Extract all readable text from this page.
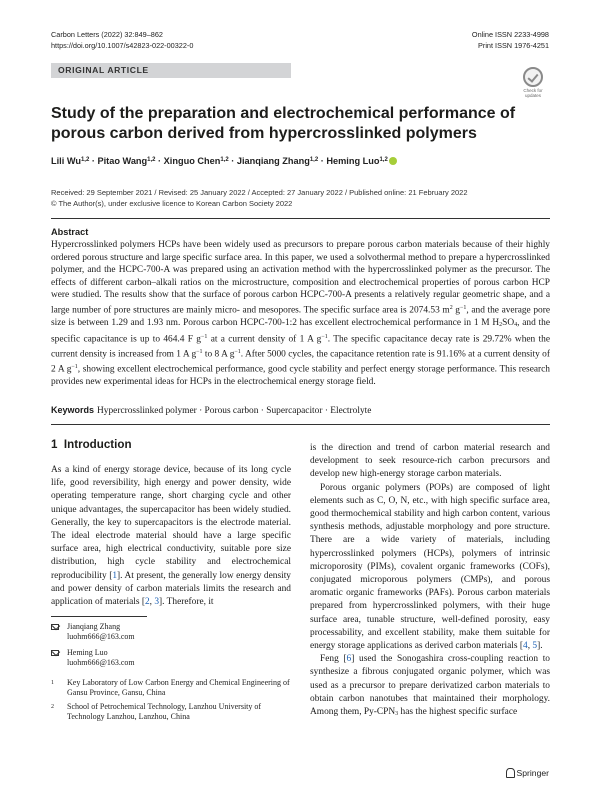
Carbon Letters (2022) 32:849–862
https://doi.org/10.1007/s42823-022-00322-0
Online ISSN 2233-4998
Print ISSN 1976-4251
ORIGINAL ARTICLE
Check for
updates
Study of the preparation and electrochemical performance of porous carbon derived from hypercrosslinked polymers
Lili Wu$^{1,2}$ · Pitao Wang$^{1,2}$ · Xinguo Chen$^{1,2}$ · Jianqiang Zhang$^{1,2}$ · Heming Luo$^{1,2}$
Received: 29 September 2021 / Revised: 25 January 2022 / Accepted: 27 January 2022 / Published online: 21 February 2022
© The Author(s), under exclusive licence to Korean Carbon Society 2022
Abstract
Hypercrosslinked polymers HCPs have been widely used as precursors to prepare porous carbon materials because of their highly ordered porous structure and large specific surface area. In this paper, we used a solvothermal method to prepare a hypercrosslinked polymer, and the HCPC-700-A was prepared using an activation method with the hypercrosslinked polymer as the precursor. The effects of different carbon–alkali ratios on the microstructure, composition and electrochemical properties of porous carbon HCP were studied. The results show that the surface of porous carbon HCPC-700-A presents a relatively regular geometric shape, and a large number of pore structures are mainly micro- and mesopores. The specific surface area is 2074.53 $m^2$ $g^{-1}$, and the average pore size is between 1.29 and 1.93 nm. Porous carbon HCPC-700-1:2 has excellent electrochemical performance in 1 M $H_2SO_4$, and the specific capacitance is up to 464.4 F $g^{-1}$ at a current density of 1 A $g^{-1}$. The specific capacitance decay rate is 29.72% when the current density is increased from 1 A $g^{-1}$ to 8 A $g^{-1}$. After 5000 cycles, the capacitance retention rate is 91.16% at a current density of 2 A $g^{-1}$, showing excellent electrochemical performance, good cycle stability and perfect energy storage performance. This research provides new experimental ideas for HCPs in the electrochemical energy storage field.
Keywords Hypercrosslinked polymer · Porous carbon · Supercapacitor · Electrolyte
1 Introduction

As a kind of energy storage device, because of its long cycle life, good reversibility, high energy and power density, wide operating temperature range, short charging cycle and other unique advantages, the supercapacitor has been widely studied. Generally, the key to supercapacitors is the electrode material. The ideal electrode material should have a large specific surface area, high electrical conductivity, suitable pore size distribution, high cycle stability and electrochemical reproducibility [1]. At present, the generally low energy density and power density of carbon materials limits the research and application of materials [2, 3]. Therefore, it

is the direction and trend of carbon material research and development to seek resource-rich carbon precursors and develop new high-energy storage carbon materials.

Porous organic polymers (POPs) are composed of light elements such as C, O, N, etc., with high specific surface area, good thermochemical stability and high carbon content, various synthesis methods, adjustable morphology and pore structure. There are a wide variety of materials, including hypercrosslinked polymers (HCPs), polymers of intrinsic microporosity (PIMs), covalent organic frameworks (COFs), conjugated microporous polymers (CMPs), and porous aromatic organic frameworks (PAFs). Porous carbon materials prepared from hypercrosslinked polymers, with their huge surface area, tunable structure, well-defined porosity, easy processability, and excellent stability, make them suitable for energy storage applications as derived carbon materials [4, 5].

Feng [6] used the Sonogashira cross-coupling reaction to synthesize a fibrous conjugated organic polymer, which was used as a precursor to prepare derivatized carbon materials to obtain carbon nanotubes that maintained their morphology. Among them, $Py-CPN_3$ has the highest specific surface

Jianqiang Zhang
luohm666@163.com
Heming Luo
luohm666@163.com
1	Key Laboratory of Low Carbon Energy and Chemical Engineering of Gansu Province, Gansu, China
2	School of Petrochemical Technology, Lanzhou University of Technology Lanzhou, Lanzhou, China
Springer
